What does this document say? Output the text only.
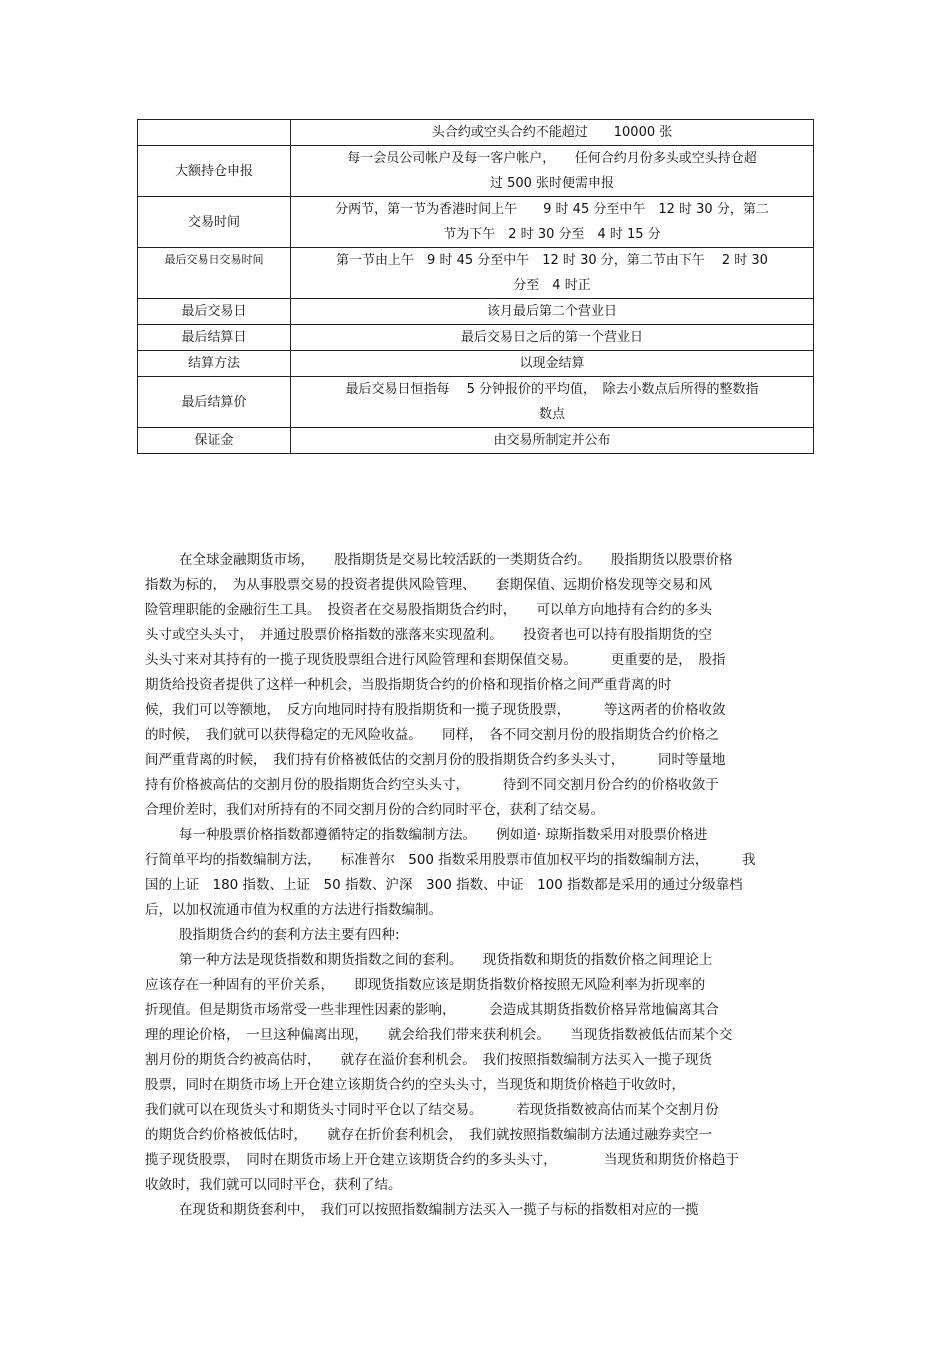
	头合约或空头合约不能超过　　10000 张
大额持仓申报	每一会员公司帐户及每一客户帐户，　　任何合约月份多头或空头持仓超
过 500 张时便需申报
交易时间	分两节，第一节为香港时间上午　　9 时 45 分至中午　12 时 30 分，第二
节为下午　2 时 30 分至　4 时 15 分
最后交易日交易时间	第一节由上午　9 时 45 分至中午　12 时 30 分，第二节由下午　 2 时 30
分至　4 时正
最后交易日	该月最后第二个营业日
最后结算日	最后交易日之后的第一个营业日
结算方法	以现金结算
最后结算价	最后交易日恒指每　 5 分钟报价的平均值，　除去小数点后所得的整数指
数点
保证金	由交易所制定并公布

在全球金融期货市场，　　股指期货是交易比较活跃的一类期货合约。　　股指期货以股票价格
指数为标的，　为从事股票交易的投资者提供风险管理、　　套期保值、远期价格发现等交易和风
险管理职能的金融衍生工具。　投资者在交易股指期货合约时，　　可以单方向地持有合约的多头
头寸或空头头寸，　并通过股票价格指数的涨落来实现盈利。　　投资者也可以持有股指期货的空
头头寸来对其持有的一揽子现货股票组合进行风险管理和套期保值交易。　　　更重要的是，　股指
期货给投资者提供了这样一种机会，当股指期货合约的价格和现指价格之间严重背离的时
候，我们可以等额地，　反方向地同时持有股指期货和一揽子现货股票，　　　等这两者的价格收敛
的时候，　我们就可以获得稳定的无风险收益。　　同样，　各不同交割月份的股指期货合约价格之
间严重背离的时候，　我们持有价格被低估的交割月份的股指期货合约多头头寸，　　　同时等量地
持有价格被高估的交割月份的股指期货合约空头头寸，　　　待到不同交割月份合约的价格收敛于
合理价差时，我们对所持有的不同交割月份的合约同时平仓，获利了结交易。

每一种股票价格指数都遵循特定的指数编制方法。　　例如道· 琼斯指数采用对股票价格进
行简单平均的指数编制方法，　　标准普尔　500 指数采用股票市值加权平均的指数编制方法，　　　我
国的上证　180 指数、上证　50 指数、沪深　300 指数、中证　100 指数都是采用的通过分级靠档
后，以加权流通市值为权重的方法进行指数编制。

股指期货合约的套利方法主要有四种:

第一种方法是现货指数和期货指数之间的套利。　　现货指数和期货的指数价格之间理论上
应该存在一种固有的平价关系，　　即现货指数应该是期货指数价格按照无风险利率为折现率的
折现值。但是期货市场常受一些非理性因素的影响，　　　会造成其期货指数价格异常地偏离其合
理的理论价格，　一旦这种偏离出现，　　就会给我们带来获利机会。　　当现货指数被低估而某个交
割月份的期货合约被高估时，　　就存在溢价套利机会。　我们按照指数编制方法买入一揽子现货
股票，同时在期货市场上开仓建立该期货合约的空头头寸，当现货和期货价格趋于收敛时，
我们就可以在现货头寸和期货头寸同时平仓以了结交易。　　　若现货指数被高估而某个交割月份
的期货合约价格被低估时，　　就存在折价套利机会，　我们就按照指数编制方法通过融券卖空一
揽子现货股票，　同时在期货市场上开仓建立该期货合约的多头头寸，　　　　当现货和期货价格趋于
收敛时，我们就可以同时平仓，获利了结。

在现货和期货套利中，　我们可以按照指数编制方法买入一揽子与标的指数相对应的一揽
